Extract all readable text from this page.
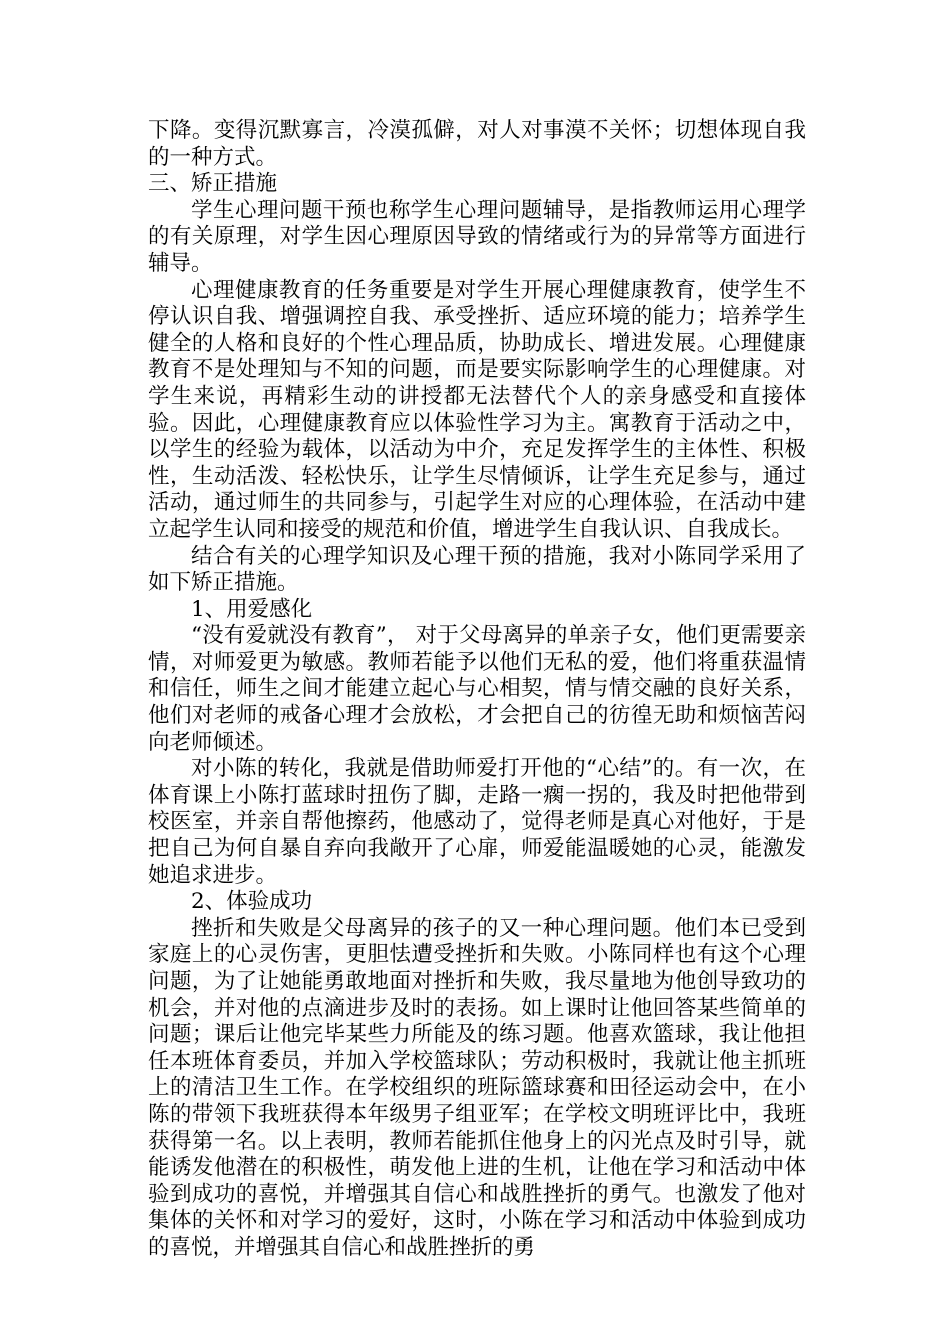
下降。变得沉默寡言，冷漠孤僻，对人对事漠不关怀；切想体现自我的一种方式。

三、矫正措施

学生心理问题干预也称学生心理问题辅导，是指教师运用心理学的有关原理，对学生因心理原因导致的情绪或行为的异常等方面进行辅导。

心理健康教育的任务重要是对学生开展心理健康教育，使学生不停认识自我、增强调控自我、承受挫折、适应环境的能力；培养学生健全的人格和良好的个性心理品质，协助成长、增进发展。心理健康教育不是处理知与不知的问题，而是要实际影响学生的心理健康。对学生来说，再精彩生动的讲授都无法替代个人的亲身感受和直接体验。因此，心理健康教育应以体验性学习为主。寓教育于活动之中，以学生的经验为载体，以活动为中介，充足发挥学生的主体性、积极性，生动活泼、轻松快乐，让学生尽情倾诉，让学生充足参与，通过活动，通过师生的共同参与，引起学生对应的心理体验，在活动中建立起学生认同和接受的规范和价值，增进学生自我认识、自我成长。

结合有关的心理学知识及心理干预的措施，我对小陈同学采用了如下矫正措施。

1、用爱感化

“没有爱就没有教育”， 对于父母离异的单亲子女，他们更需要亲情，对师爱更为敏感。教师若能予以他们无私的爱，他们将重获温情和信任，师生之间才能建立起心与心相契，情与情交融的良好关系，他们对老师的戒备心理才会放松，才会把自己的彷徨无助和烦恼苦闷向老师倾述。

对小陈的转化，我就是借助师爱打开他的“心结”的。有一次，在体育课上小陈打蓝球时扭伤了脚，走路一瘸一拐的，我及时把他带到校医室，并亲自帮他擦药，他感动了，觉得老师是真心对他好，于是把自己为何自暴自弃向我敞开了心扉，师爱能温暖她的心灵，能激发她追求进步。

2、体验成功

挫折和失败是父母离异的孩子的又一种心理问题。他们本已受到家庭上的心灵伤害，更胆怯遭受挫折和失败。小陈同样也有这个心理问题，为了让她能勇敢地面对挫折和失败，我尽量地为他创导致功的机会，并对他的点滴进步及时的表扬。如上课时让他回答某些简单的问题；课后让他完毕某些力所能及的练习题。他喜欢篮球，我让他担任本班体育委员，并加入学校篮球队；劳动积极时，我就让他主抓班上的清洁卫生工作。在学校组织的班际篮球赛和田径运动会中，在小陈的带领下我班获得本年级男子组亚军；在学校文明班评比中，我班获得第一名。以上表明，教师若能抓住他身上的闪光点及时引导，就能诱发他潜在的积极性，萌发他上进的生机，让他在学习和活动中体验到成功的喜悦，并增强其自信心和战胜挫折的勇气。也激发了他对集体的关怀和对学习的爱好，这时，小陈在学习和活动中体验到成功的喜悦，并增强其自信心和战胜挫折的勇
